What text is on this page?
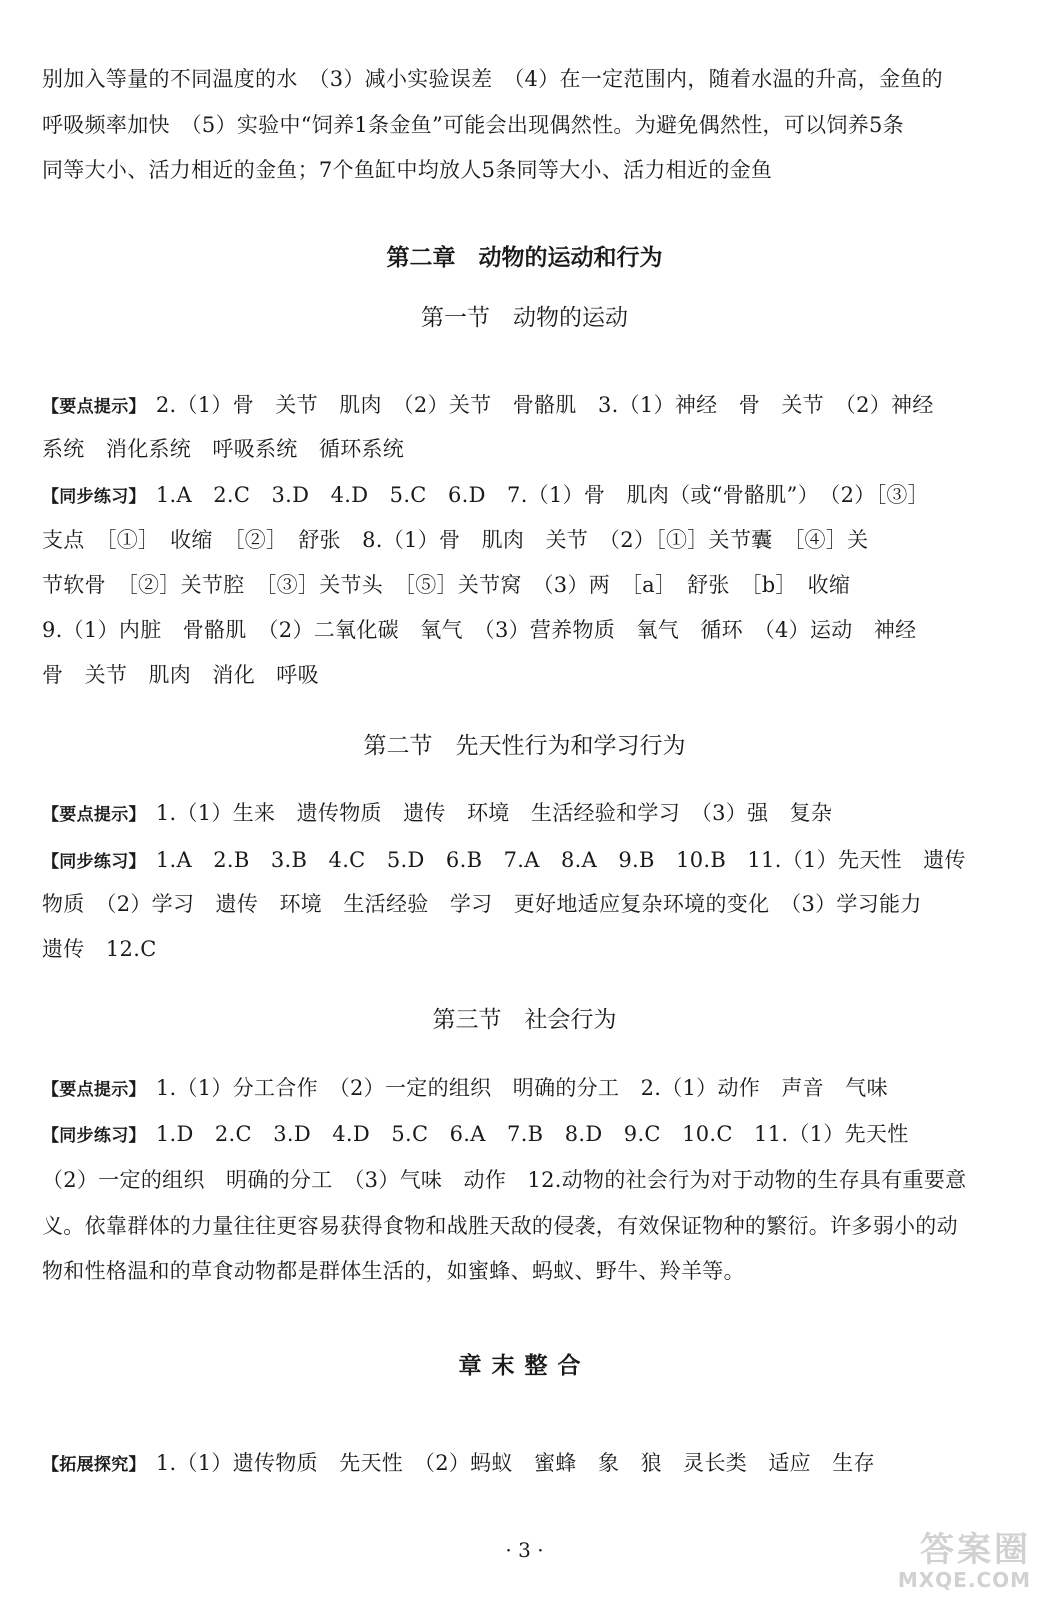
别加入等量的不同温度的水　（3）减小实验误差　（4）在一定范围内，随着水温的升高，金鱼的
呼吸频率加快　（5）实验中“饲养1条金鱼”可能会出现偶然性。为避免偶然性，可以饲养5条
同等大小、活力相近的金鱼；7个鱼缸中均放人5条同等大小、活力相近的金鱼
第二章　动物的运动和行为
第一节　动物的运动
【要点提示】 2.（1）骨　关节　肌肉　（2）关节　骨骼肌　3.（1）神经　骨　关节　（2）神经
系统　消化系统　呼吸系统　循环系统
【同步练习】 1.A　2.C　3.D　4.D　5.C　6.D　7.（1）骨　肌肉（或“骨骼肌”）　（2）［③］
支点　［①］　收缩　［②］　舒张　8.（1）骨　肌肉　关节　（2）［①］关节囊　［④］关
节软骨　［②］关节腔　［③］关节头　［⑤］关节窝　（3）两　［a］　舒张　［b］　收缩
9.（1）内脏　骨骼肌　（2）二氧化碳　氧气　（3）营养物质　氧气　循环　（4）运动　神经
骨　关节　肌肉　消化　呼吸
第二节　先天性行为和学习行为
【要点提示】 1.（1）生来　遗传物质　遗传　环境　生活经验和学习　（3）强　复杂
【同步练习】 1.A　2.B　3.B　4.C　5.D　6.B　7.A　8.A　9.B　10.B　11.（1）先天性　遗传
物质　（2）学习　遗传　环境　生活经验　学习　更好地适应复杂环境的变化　（3）学习能力
遗传　12.C
第三节　社会行为
【要点提示】 1.（1）分工合作　（2）一定的组织　明确的分工　2.（1）动作　声音　气味
【同步练习】 1.D　2.C　3.D　4.D　5.C　6.A　7.B　8.D　9.C　10.C　11.（1）先天性
（2）一定的组织　明确的分工　（3）气味　动作　12.动物的社会行为对于动物的生存具有重要意
义。依靠群体的力量往往更容易获得食物和战胜天敌的侵袭，有效保证物种的繁衍。许多弱小的动
物和性格温和的草食动物都是群体生活的，如蜜蜂、蚂蚁、野牛、羚羊等。
章末整合
【拓展探究】 1.（1）遗传物质　先天性　（2）蚂蚁　蜜蜂　象　狼　灵长类　适应　生存
· 3 ·	答案圈
MXQE.COM
